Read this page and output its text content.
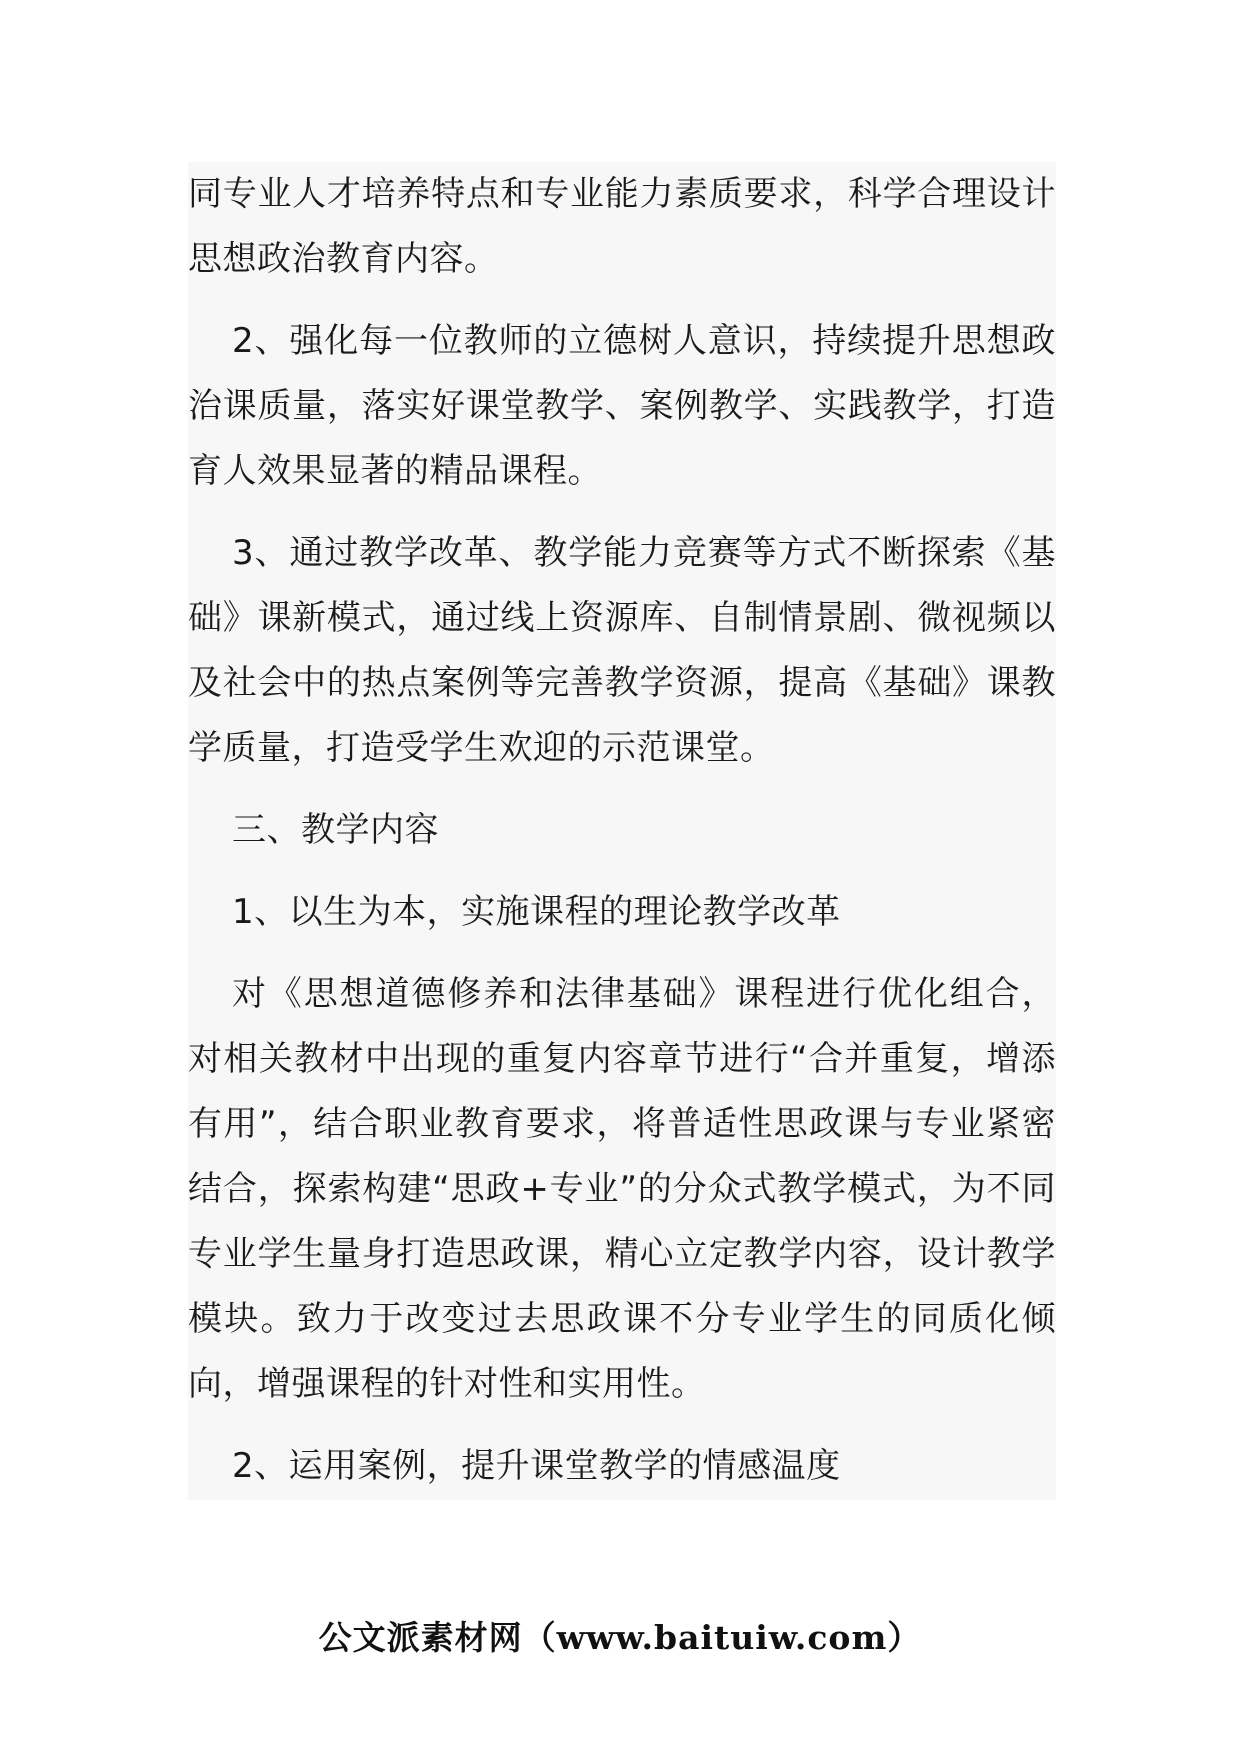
同专业人才培养特点和专业能力素质要求，科学合理设计思想政治教育内容。

2、强化每一位教师的立德树人意识，持续提升思想政治课质量，落实好课堂教学、案例教学、实践教学，打造育人效果显著的精品课程。

3、通过教学改革、教学能力竞赛等方式不断探索《基础》课新模式，通过线上资源库、自制情景剧、微视频以及社会中的热点案例等完善教学资源，提高《基础》课教学质量，打造受学生欢迎的示范课堂。

三、教学内容

1、以生为本，实施课程的理论教学改革

对《思想道德修养和法律基础》课程进行优化组合，对相关教材中出现的重复内容章节进行“合并重复，增添有用”，结合职业教育要求，将普适性思政课与专业紧密结合，探索构建“思政+专业”的分众式教学模式，为不同专业学生量身打造思政课，精心立定教学内容，设计教学模块。致力于改变过去思政课不分专业学生的同质化倾向，增强课程的针对性和实用性。

2、运用案例，提升课堂教学的情感温度

公文派素材网（www.baituiw.com）
